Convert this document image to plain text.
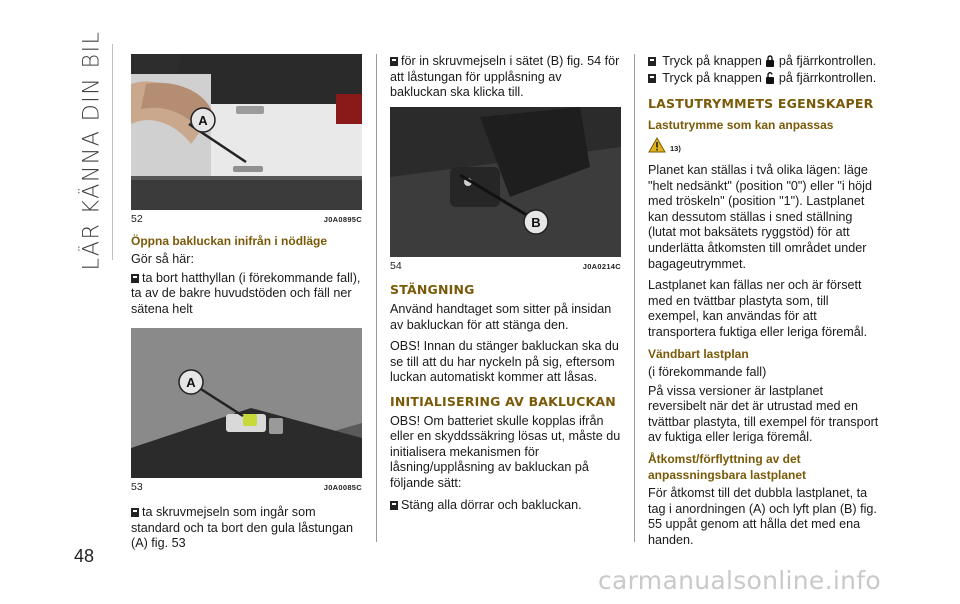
LÄR KÄNNA DIN BIL
48
A
52	J0A0895C
Öppna bakluckan inifrån i nödläge
Gör så här:
ta bort hatthyllan (i förekommande fall), ta av de bakre huvudstöden och fäll ner sätena helt
A
53	J0A0085C
ta skruvmejseln som ingår som standard och ta bort den gula låstungan (A) fig. 53
för in skruvmejseln i sätet (B) fig. 54 för att låstungan för upplåsning av bakluckan ska klicka till.
B
54	J0A0214C
STÄNGNING
Använd handtaget som sitter på insidan av bakluckan för att stänga den.
OBS! Innan du stänger bakluckan ska du se till att du har nyckeln på sig, eftersom luckan automatiskt kommer att låsas.
INITIALISERING AV BAKLUCKAN
OBS! Om batteriet skulle kopplas ifrån eller en skyddssäkring lösas ut, måste du initialisera mekanismen för låsning/upplåsning av bakluckan på följande sätt:
Stäng alla dörrar och bakluckan.
Tryck på knappen på fjärrkontrollen.
Tryck på knappen på fjärrkontrollen.
LASTUTRYMMETS EGENSKAPER
Lastutrymme som kan anpassas
13)
Planet kan ställas i två olika lägen: läge "helt nedsänkt" (position "0") eller "i höjd med tröskeln" (position "1"). Lastplanet kan dessutom ställas i sned ställning (lutat mot baksätets ryggstöd) för att underlätta åtkomsten till området under bagageutrymmet.
Lastplanet kan fällas ner och är försett med en tvättbar plastyta som, till exempel, kan användas för att transportera fuktiga eller leriga föremål.
Vändbart lastplan
(i förekommande fall)
På vissa versioner är lastplanet reversibelt när det är utrustad med en tvättbar plastyta, till exempel för transport av fuktiga eller leriga föremål.
Åtkomst/förflyttning av det anpassningsbara lastplanet
För åtkomst till det dubbla lastplanet, ta tag i anordningen (A) och lyft plan (B) fig. 55 uppåt genom att hålla det med ena handen.
carmanualsonline.info
